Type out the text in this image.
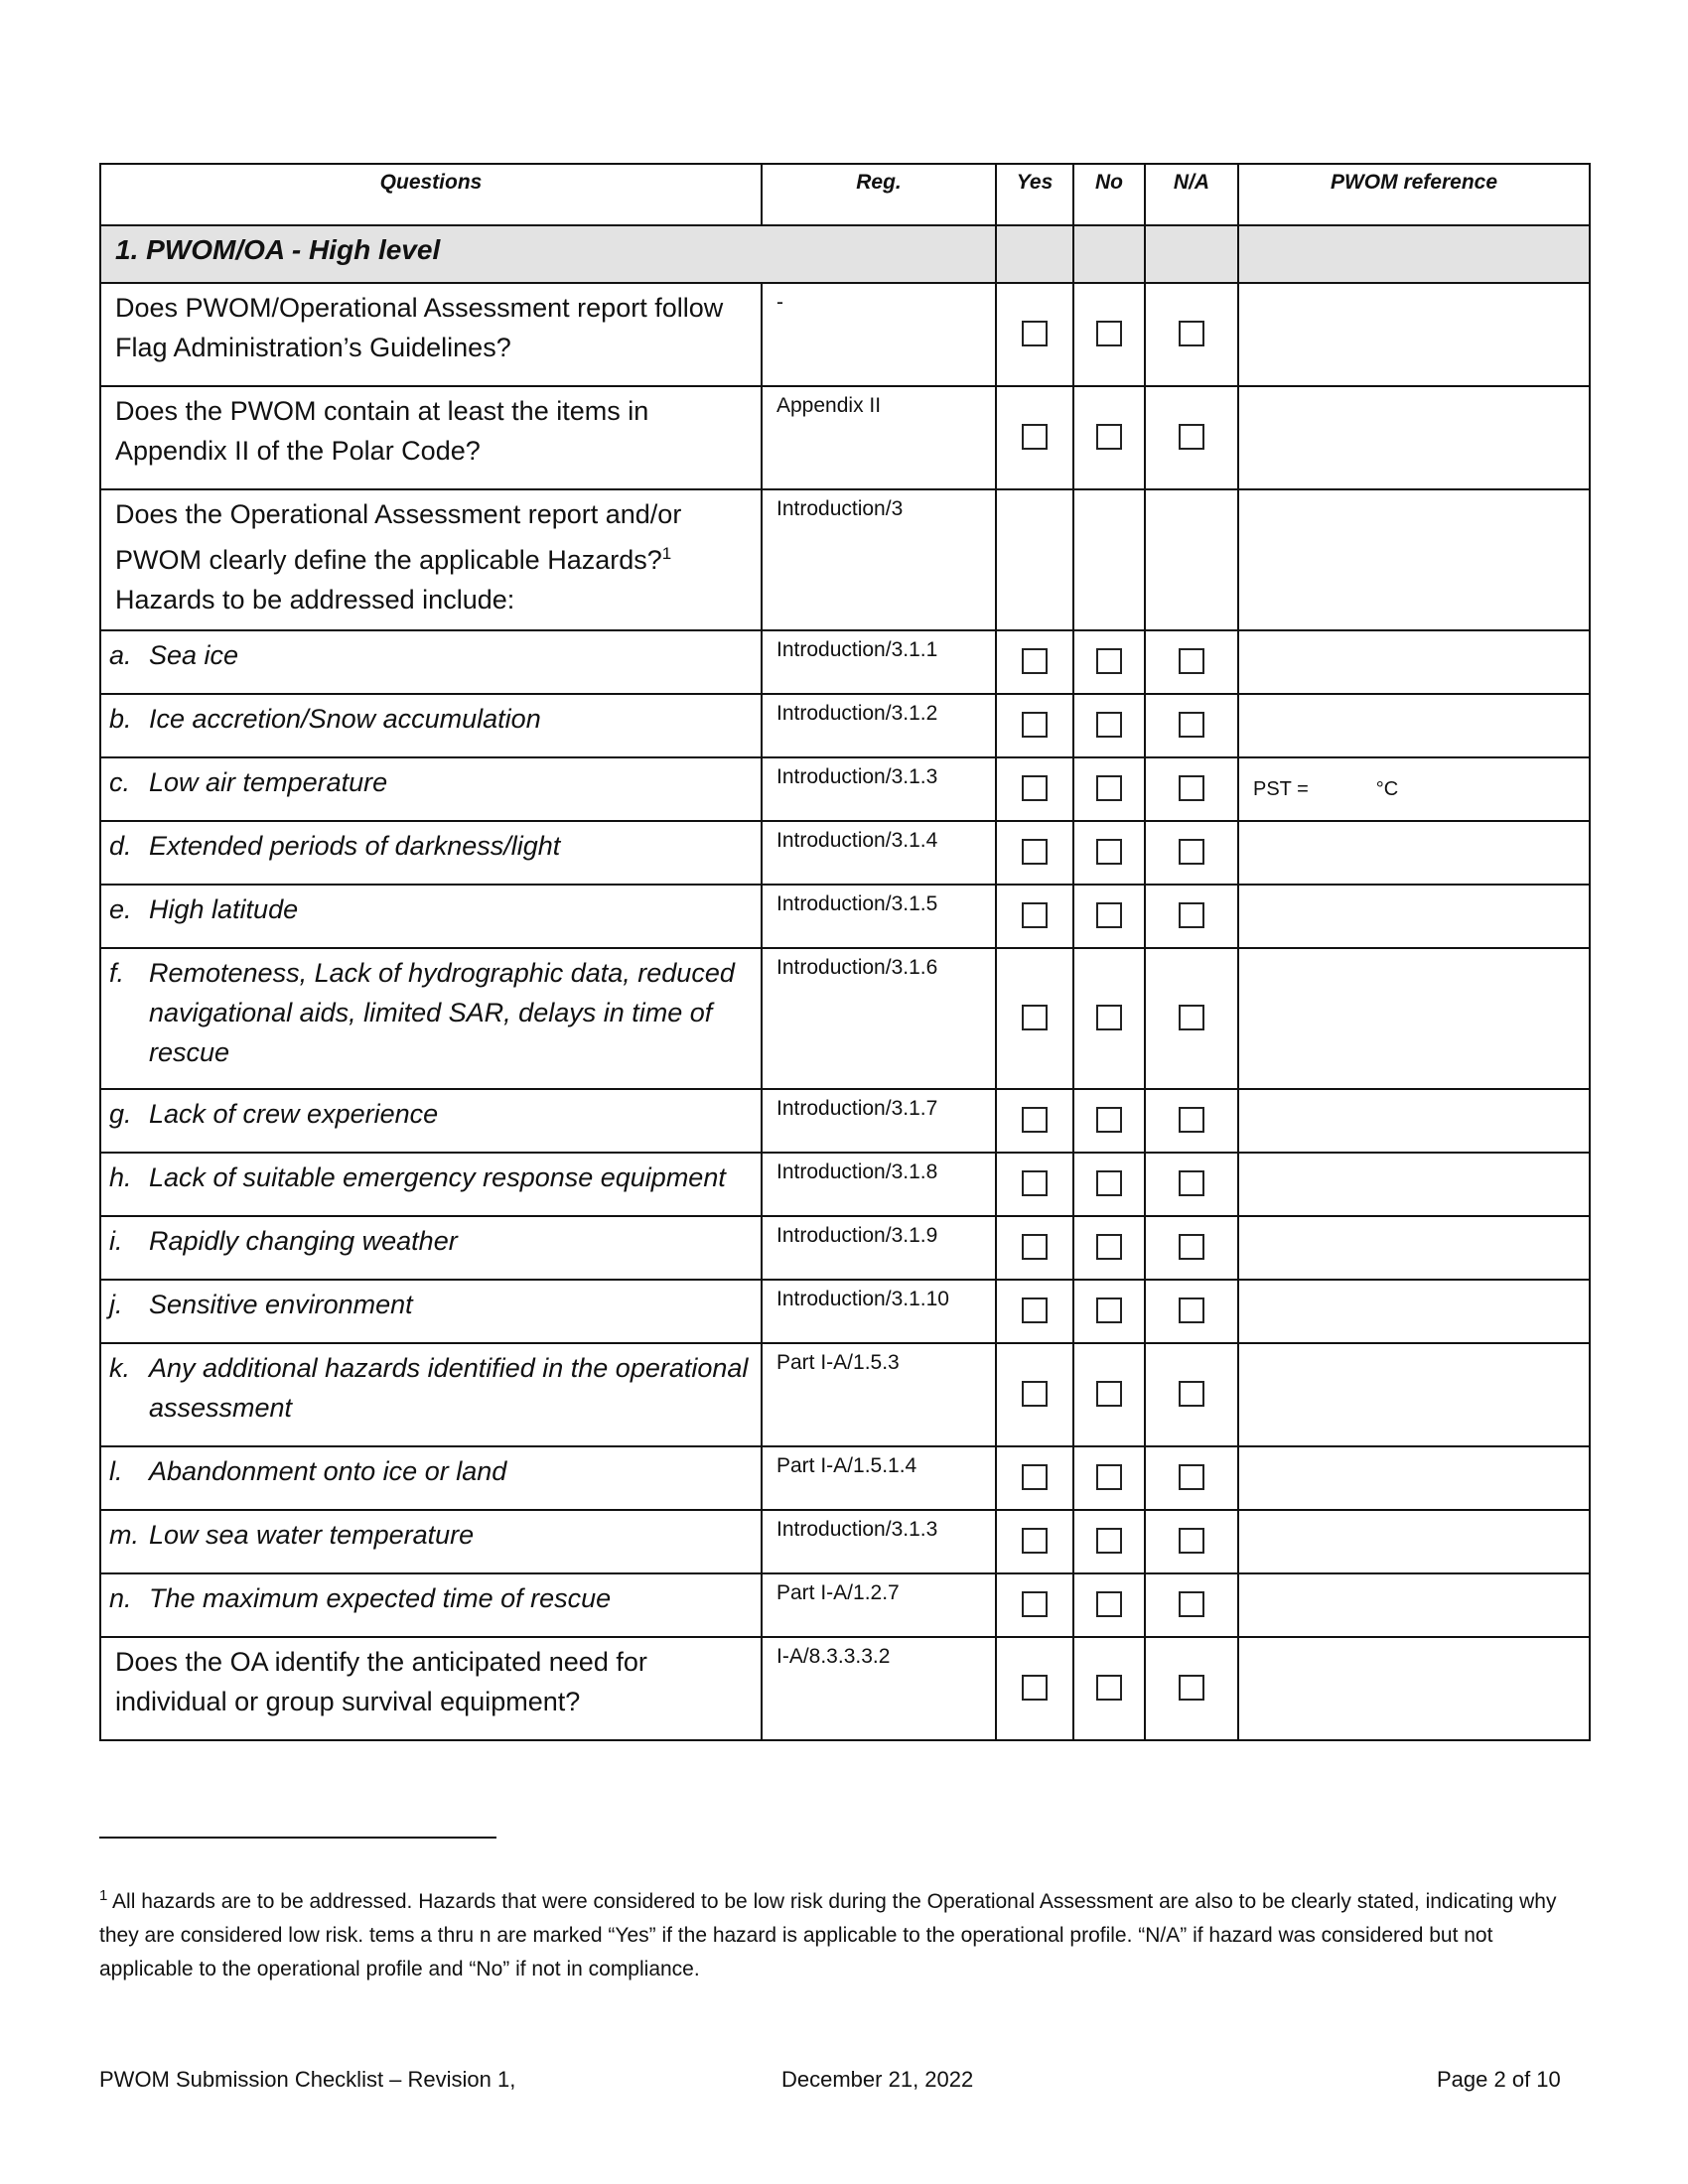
Questions	Reg.	Yes	No	N/A	PWOM reference
1. PWOM/OA - High level					
Does PWOM/Operational Assessment report follow Flag Administration’s Guidelines?	-				
Does the PWOM contain at least the items in Appendix II of the Polar Code?	Appendix II				
Does the Operational Assessment report and/or PWOM clearly define the applicable Hazards?$^1$
Hazards to be addressed include:	Introduction/3				

a. Sea ice	Introduction/3.1.1				

b. Ice accretion/Snow accumulation	Introduction/3.1.2				

c. Low air temperature	Introduction/3.1.3				PST = °C

d. Extended periods of darkness/light	Introduction/3.1.4				

e. High latitude	Introduction/3.1.5				

f. Remoteness, Lack of hydrographic data, reduced navigational aids, limited SAR, delays in time of rescue	Introduction/3.1.6				

g. Lack of crew experience	Introduction/3.1.7				

h. Lack of suitable emergency response equipment	Introduction/3.1.8				

i. Rapidly changing weather	Introduction/3.1.9				

j. Sensitive environment	Introduction/3.1.10				

k. Any additional hazards identified in the operational assessment	Part I-A/1.5.3				

l. Abandonment onto ice or land	Part I-A/1.5.1.4				

m. Low sea water temperature	Introduction/3.1.3				

n. The maximum expected time of rescue	Part I-A/1.2.7				
Does the OA identify the anticipated need for individual or group survival equipment?	I-A/8.3.3.3.2				
$^1$ All hazards are to be addressed. Hazards that were considered to be low risk during the Operational Assessment are also to be clearly stated, indicating why they are considered low risk. tems a thru n are marked “Yes” if the hazard is applicable to the operational profile. “N/A” if hazard was considered but not applicable to the operational profile and “No” if not in compliance.
PWOM Submission Checklist – Revision 1,	December 21, 2022	Page 2 of 10
